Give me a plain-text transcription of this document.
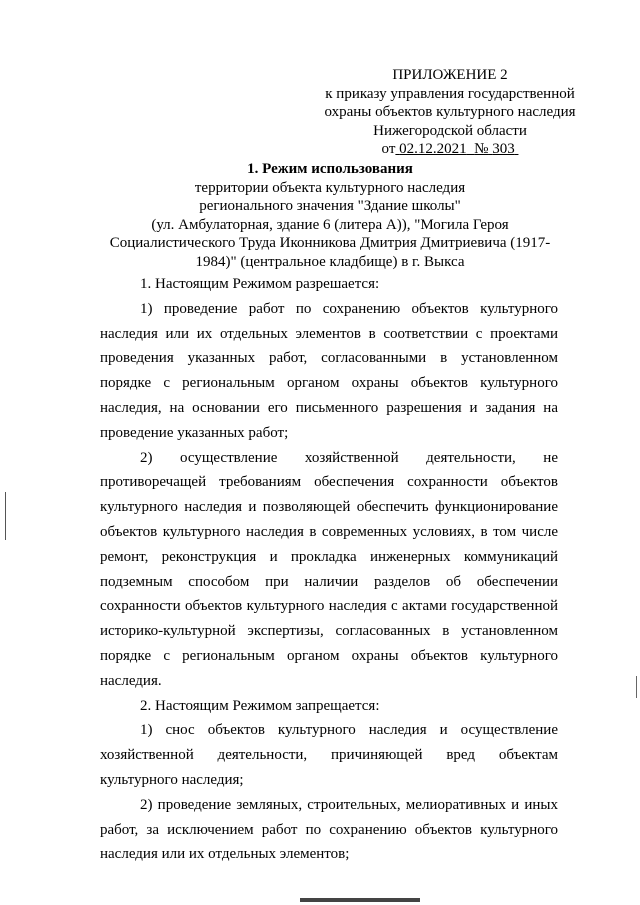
ПРИЛОЖЕНИЕ 2
к приказу управления государственной
охраны объектов культурного наследия
Нижегородской области
от 02.12.2021 № 303
1. Режим использования
территории объекта культурного наследия
регионального значения "Здание школы"
(ул. Амбулаторная, здание 6 (литера А)), "Могила Героя
Социалистического Труда Иконникова Дмитрия Дмитриевича (1917-
1984)" (центральное кладбище) в г. Выкса

1. Настоящим Режимом разрешается:

1) проведение работ по сохранению объектов культурного наследия или их отдельных элементов в соответствии с проектами проведения указанных работ, согласованными в установленном порядке с региональным органом охраны объектов культурного наследия, на основании его письменного разрешения и задания на проведение указанных работ;

2) осуществление хозяйственной деятельности, не противоречащей требованиям обеспечения сохранности объектов культурного наследия и позволяющей обеспечить функционирование объектов культурного наследия в современных условиях, в том числе ремонт, реконструкция и прокладка инженерных коммуникаций подземным способом при наличии разделов об обеспечении сохранности объектов культурного наследия с актами государственной историко-культурной экспертизы, согласованных в установленном порядке с региональным органом охраны объектов культурного наследия.

2. Настоящим Режимом запрещается:

1) снос объектов культурного наследия и осуществление хозяйственной деятельности, причиняющей вред объектам культурного наследия;

2) проведение земляных, строительных, мелиоративных и иных работ, за исключением работ по сохранению объектов культурного наследия или их отдельных элементов;
